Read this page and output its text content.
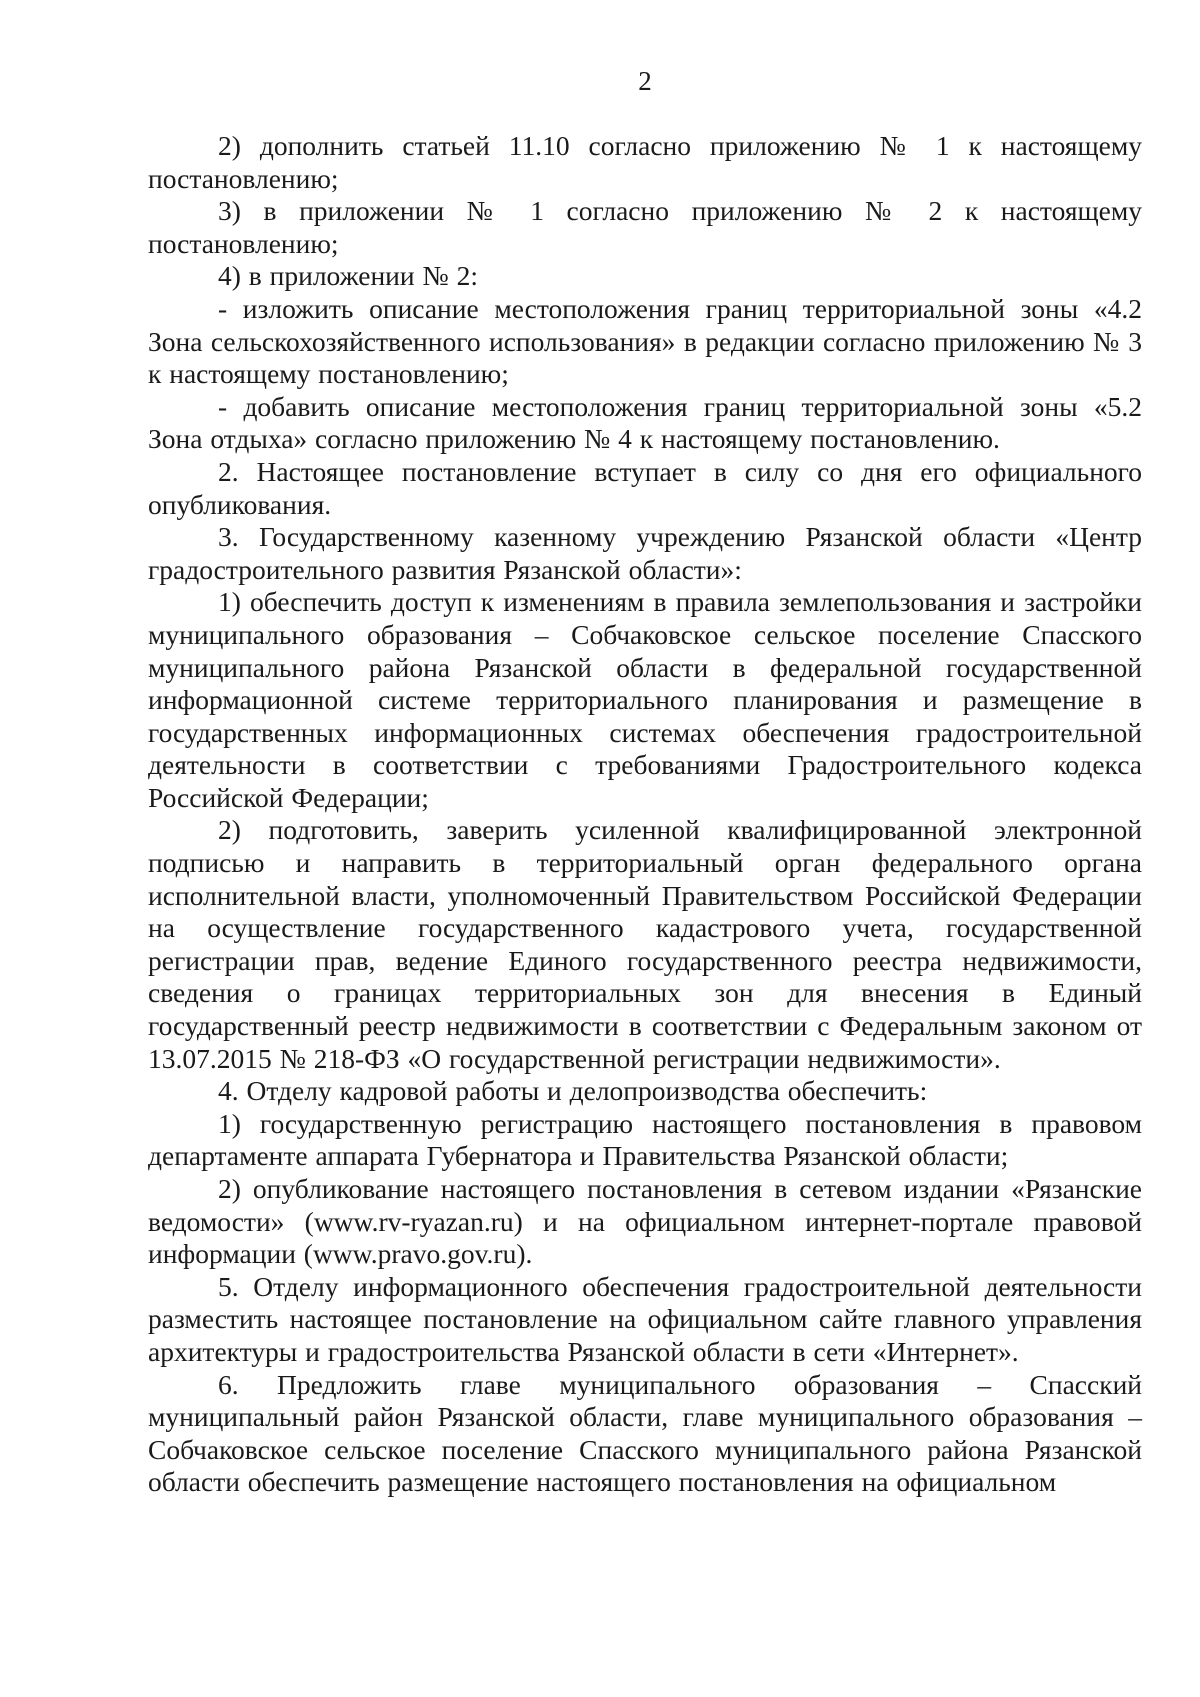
2

2) дополнить статьей 11.10 согласно приложению № 1 к настоящему постановлению;

3) в приложении № 1 согласно приложению № 2 к настоящему постановлению;

4) в приложении № 2:

- изложить описание местоположения границ территориальной зоны «4.2 Зона сельскохозяйственного использования» в редакции согласно приложению № 3 к настоящему постановлению;

- добавить описание местоположения границ территориальной зоны «5.2 Зона отдыха» согласно приложению № 4 к настоящему постановлению.

2. Настоящее постановление вступает в силу со дня его официального опубликования.

3. Государственному казенному учреждению Рязанской области «Центр градостроительного развития Рязанской области»:

1) обеспечить доступ к изменениям в правила землепользования и застройки муниципального образования – Собчаковское сельское поселение Спасского муниципального района Рязанской области в федеральной государственной информационной системе территориального планирования и размещение в государственных информационных системах обеспечения градостроительной деятельности в соответствии с требованиями Градостроительного кодекса Российской Федерации;

2) подготовить, заверить усиленной квалифицированной электронной подписью и направить в территориальный орган федерального органа исполнительной власти, уполномоченный Правительством Российской Федерации на осуществление государственного кадастрового учета, государственной регистрации прав, ведение Единого государственного реестра недвижимости, сведения о границах территориальных зон для внесения в Единый государственный реестр недвижимости в соответствии с Федеральным законом от 13.07.2015 № 218-ФЗ «О государственной регистрации недвижимости».

4. Отделу кадровой работы и делопроизводства обеспечить:

1) государственную регистрацию настоящего постановления в правовом департаменте аппарата Губернатора и Правительства Рязанской области;

2) опубликование настоящего постановления в сетевом издании «Рязанские ведомости» (www.rv-ryazan.ru) и на официальном интернет-портале правовой информации (www.pravo.gov.ru).

5. Отделу информационного обеспечения градостроительной деятельности разместить настоящее постановление на официальном сайте главного управления архитектуры и градостроительства Рязанской области в сети «Интернет».

6. Предложить главе муниципального образования – Спасский муниципальный район Рязанской области, главе муниципального образования – Собчаковское сельское поселение Спасского муниципального района Рязанской области обеспечить размещение настоящего постановления на официальном
